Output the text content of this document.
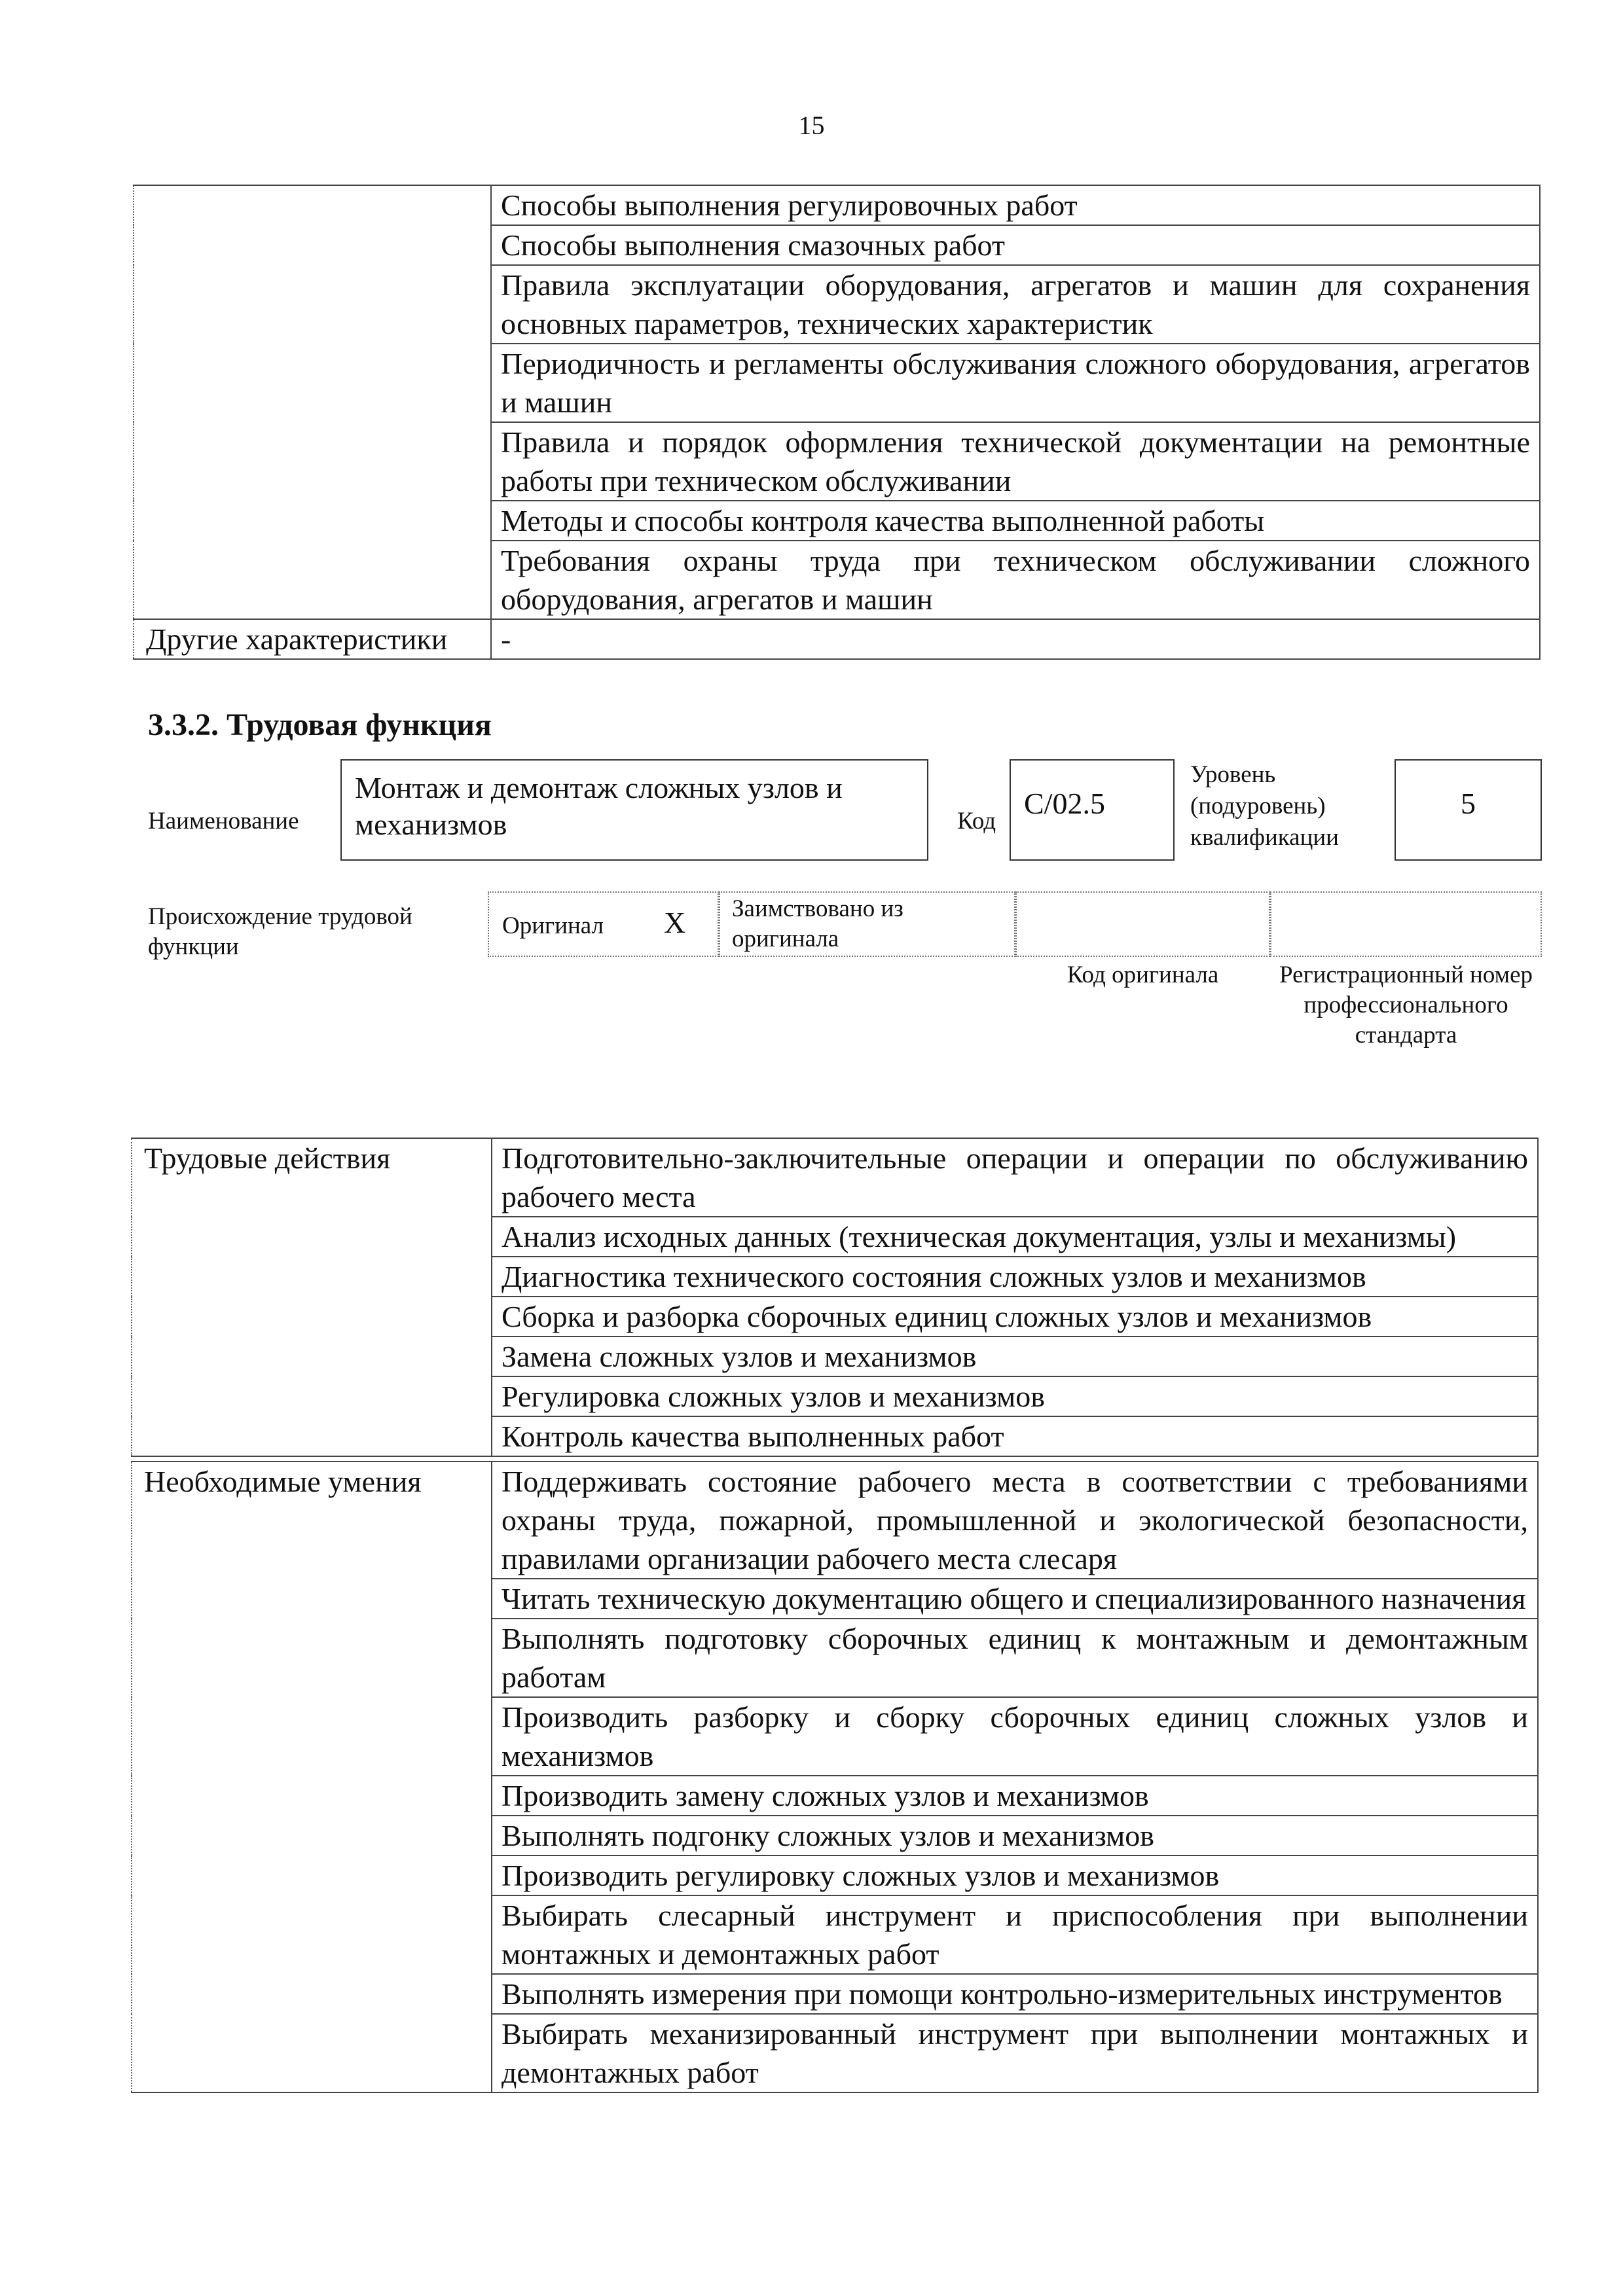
15
	Способы выполнения регулировочных работ
	Способы выполнения смазочных работ
	Правила эксплуатации оборудования, агрегатов и машин для сохранения основных параметров, технических характеристик
	Периодичность и регламенты обслуживания сложного оборудования, агрегатов и машин
	Правила и порядок оформления технической документации на ремонтные работы при техническом обслуживании
	Методы и способы контроля качества выполненной работы
	Требования охраны труда при техническом обслуживании сложного оборудования, агрегатов и машин
Другие характеристики	-
3.3.2. Трудовая функция
Наименование
Монтаж и демонтаж сложных узлов и механизмов	Код
C/02.5
Уровень (подуровень) квалификации
5
Происхождение трудовой функции
Оригинал X Заимствовано из оригинала
Код оригинала	Регистрационный номер профессионального стандарта
Трудовые действия	Подготовительно-заключительные операции и операции по обслуживанию рабочего места
Анализ исходных данных (техническая документация, узлы и механизмы)
Диагностика технического состояния сложных узлов и механизмов
Сборка и разборка сборочных единиц сложных узлов и механизмов
Замена сложных узлов и механизмов
Регулировка сложных узлов и механизмов
Контроль качества выполненных работ
Необходимые умения	Поддерживать состояние рабочего места в соответствии с требованиями охраны труда, пожарной, промышленной и экологической безопасности, правилами организации рабочего места слесаря
Читать техническую документацию общего и специализированного назначения
Выполнять подготовку сборочных единиц к монтажным и демонтажным работам
Производить разборку и сборку сборочных единиц сложных узлов и механизмов
Производить замену сложных узлов и механизмов
Выполнять подгонку сложных узлов и механизмов
Производить регулировку сложных узлов и механизмов
Выбирать слесарный инструмент и приспособления при выполнении монтажных и демонтажных работ
Выполнять измерения при помощи контрольно-измерительных инструментов
Выбирать механизированный инструмент при выполнении монтажных и демонтажных работ
